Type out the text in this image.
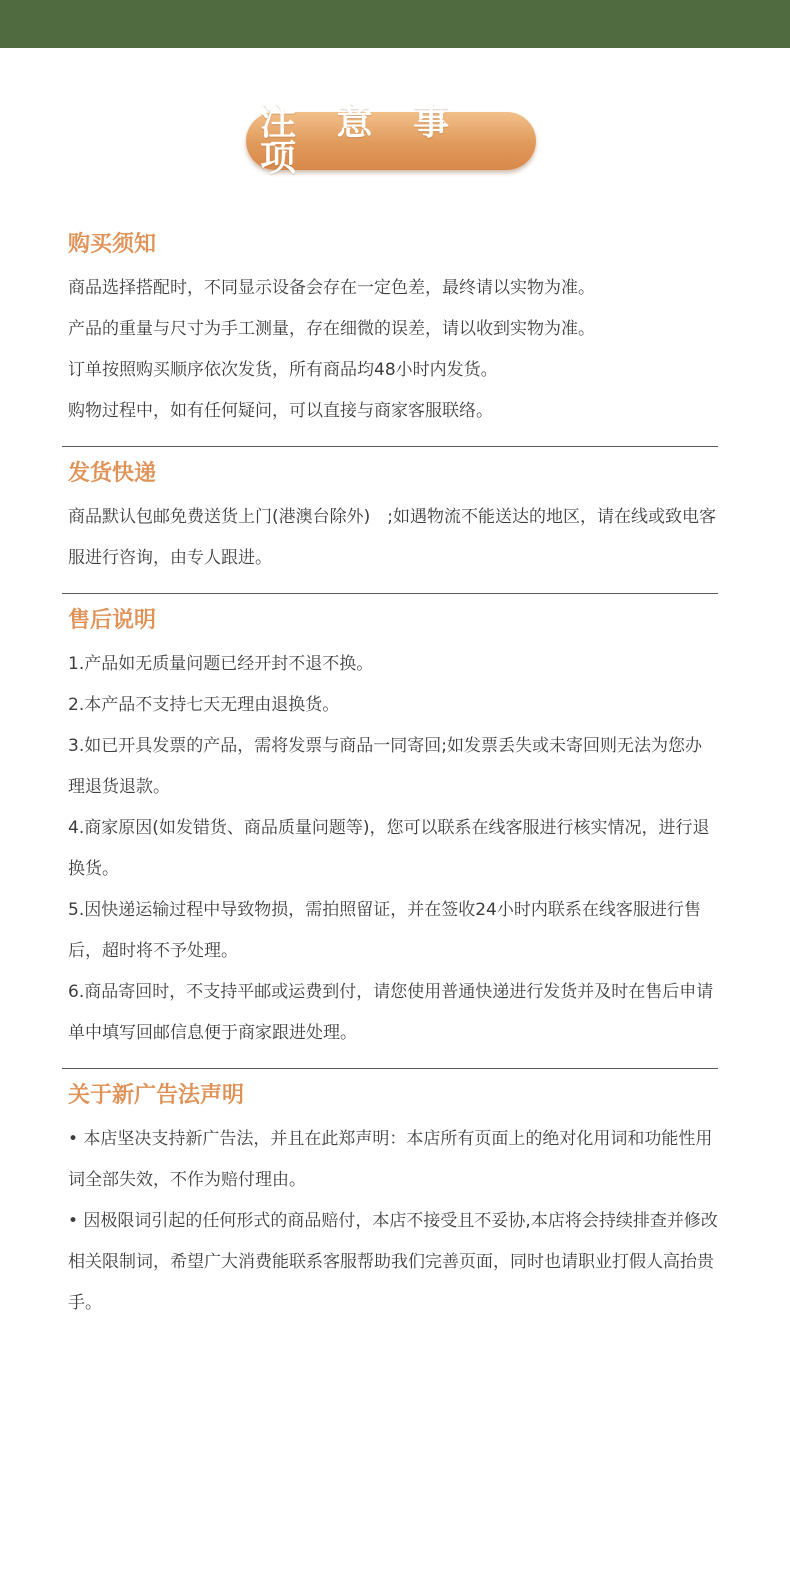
注 意 事 项
购买须知

商品选择搭配时，不同显示设备会存在一定色差，最终请以实物为准。

产品的重量与尺寸为手工测量，存在细微的误差，请以收到实物为准。

订单按照购买顺序依次发货，所有商品均48小时内发货。

购物过程中，如有任何疑问，可以直接与商家客服联络。

发货快递

商品默认包邮免费送货上门(港澳台除外)　;如遇物流不能送达的地区，请在线或致电客服进行咨询，由专人跟进。

售后说明

1.产品如无质量问题已经开封不退不换。

2.本产品不支持七天无理由退换货。

3.如已开具发票的产品，需将发票与商品一同寄回;如发票丢失或未寄回则无法为您办理退货退款。

4.商家原因(如发错货、商品质量问题等)，您可以联系在线客服进行核实情况，进行退换货。

5.因快递运输过程中导致物损，需拍照留证，并在签收24小时内联系在线客服进行售后，超时将不予处理。

6.商品寄回时，不支持平邮或运费到付，请您使用普通快递进行发货并及时在售后申请单中填写回邮信息便于商家跟进处理。

关于新广告法声明

• 本店坚决支持新广告法，并且在此郑声明：本店所有页面上的绝对化用词和功能性用词全部失效，不作为赔付理由。

• 因极限词引起的任何形式的商品赔付，本店不接受且不妥协,本店将会持续排查并修改相关限制词，希望广大消费能联系客服帮助我们完善页面，同时也请职业打假人高抬贵手。
